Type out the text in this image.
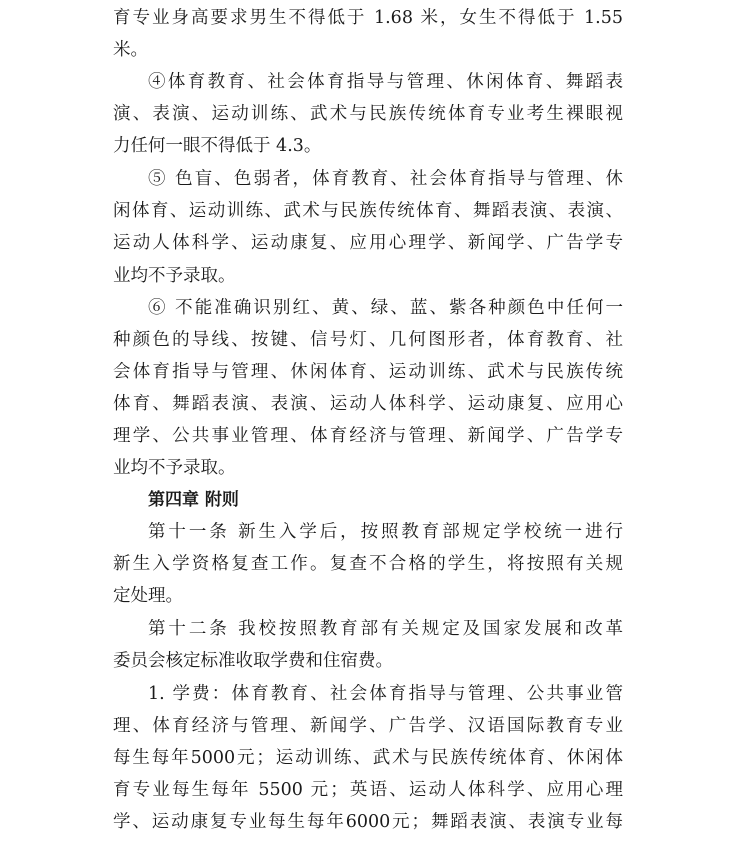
育专业身高要求男生不得低于 1.68 米，女生不得低于 1.55
米。
④体育教育、社会体育指导与管理、休闲体育、舞蹈表
演、表演、运动训练、武术与民族传统体育专业考生裸眼视
力任何一眼不得低于 4.3。
⑤ 色盲、色弱者，体育教育、社会体育指导与管理、休
闲体育、运动训练、武术与民族传统体育、舞蹈表演、表演、
运动人体科学、运动康复、应用心理学、新闻学、广告学专
业均不予录取。
⑥ 不能准确识别红、黄、绿、蓝、紫各种颜色中任何一
种颜色的导线、按键、信号灯、几何图形者，体育教育、社
会体育指导与管理、休闲体育、运动训练、武术与民族传统
体育、舞蹈表演、表演、运动人体科学、运动康复、应用心
理学、公共事业管理、体育经济与管理、新闻学、广告学专
业均不予录取。
第四章 附则
第十一条 新生入学后，按照教育部规定学校统一进行
新生入学资格复查工作。复查不合格的学生，将按照有关规
定处理。
第十二条 我校按照教育部有关规定及国家发展和改革
委员会核定标准收取学费和住宿费。
1. 学费：体育教育、社会体育指导与管理、公共事业管
理、体育经济与管理、新闻学、广告学、汉语国际教育专业
每生每年5000元；运动训练、武术与民族传统体育、休闲体
育专业每生每年 5500 元；英语、运动人体科学、应用心理
学、运动康复专业每生每年6000元；舞蹈表演、表演专业每
